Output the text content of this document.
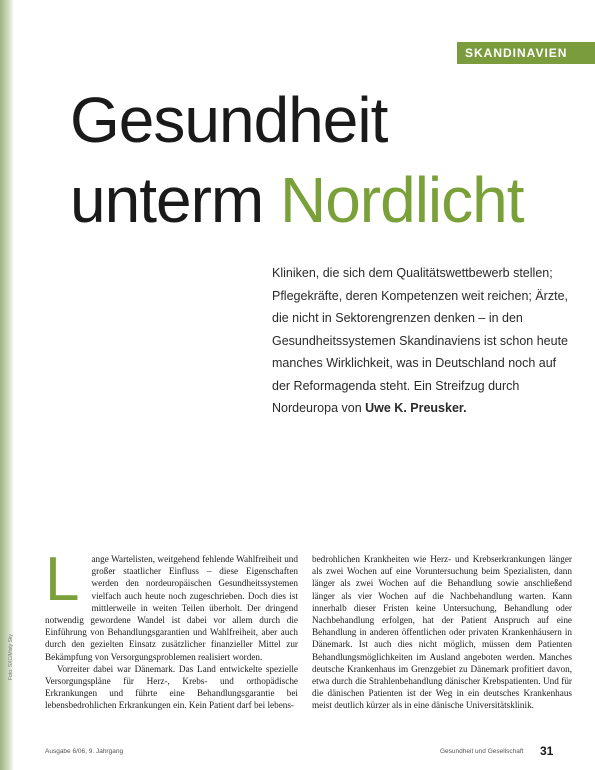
SKANDINAVIEN
Gesundheit
unterm Nordlicht
Kliniken, die sich dem Qualitätswettbewerb stellen; Pflegekräfte, deren Kompetenzen weit reichen; Ärzte, die nicht in Sektorengrenzen denken – in den Gesundheitssystemen Skandinaviens ist schon heute manches Wirklichkeit, was in Deutschland noch auf der Reformagenda steht. Ein Streifzug durch Nordeuropa von Uwe K. Preusker.
Foto: SXC/Misty Sky

L ange Wartelisten, weitgehend fehlende Wahlfreiheit und großer staatlicher Einfluss – diese Eigenschaften werden den nordeuropäischen Gesundheitssystemen vielfach auch heute noch zugeschrieben. Doch dies ist mittlerweile in weiten Teilen überholt. Der dringend notwendig gewordene Wandel ist dabei vor allem durch die Einführung von Behandlungsgarantien und Wahlfreiheit, aber auch durch den gezielten Einsatz zusätzlicher finanzieller Mittel zur Bekämpfung von Versorgungsproblemen realisiert worden.

Vorreiter dabei war Dänemark. Das Land entwickelte spezielle Versorgungspläne für Herz-, Krebs- und orthopädische Erkrankungen und führte eine Behandlungsgarantie bei lebensbedrohlichen Erkrankungen ein. Kein Patient darf bei lebens-

bedrohlichen Krankheiten wie Herz- und Krebserkrankungen länger als zwei Wochen auf eine Voruntersuchung beim Spezialisten, dann länger als zwei Wochen auf die Behandlung sowie anschließend länger als vier Wochen auf die Nachbehandlung warten. Kann innerhalb dieser Fristen keine Untersuchung, Behandlung oder Nachbehandlung erfolgen, hat der Patient Anspruch auf eine Behandlung in anderen öffentlichen oder privaten Krankenhäusern in Dänemark. Ist auch dies nicht möglich, müssen dem Patienten Behandlungsmöglichkeiten im Ausland angeboten werden. Manches deutsche Krankenhaus im Grenzgebiet zu Dänemark profitiert davon, etwa durch die Strahlenbehandlung dänischer Krebspatienten. Und für die dänischen Patienten ist der Weg in ein deutsches Krankenhaus meist deutlich kürzer als in eine dänische Universitätsklinik.

Ausgabe 6/06, 9. Jahrgang	Gesundheit und Gesellschaft 31
